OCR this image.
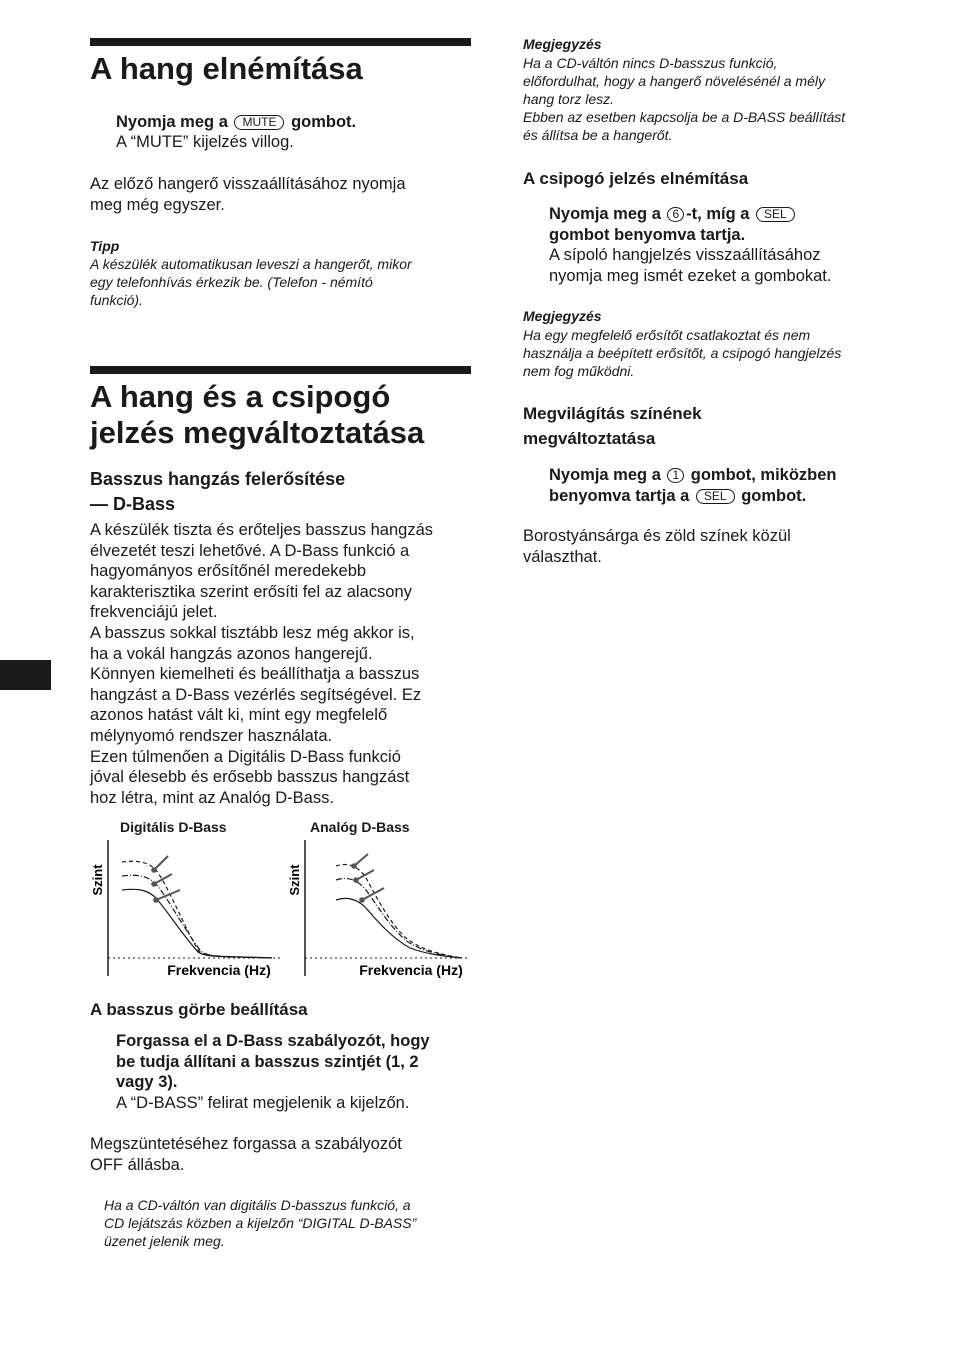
A hang elnémítása
Nyomja meg a MUTE gombot.
A “MUTE” kijelzés villog.
Az előző hangerő visszaállításához nyomja
meg még egyszer.
Tipp
A készülék automatikusan leveszi a hangerőt, mikor
egy telefonhívás érkezik be. (Telefon - némító
funkció).
A hang és a csipogó
jelzés megváltoztatása
Basszus hangzás felerősítése
— D-Bass
A készülék tiszta és erőteljes basszus hangzás
élvezetét teszi lehetővé. A D-Bass funkció a
hagyományos erősítőnél meredekebb
karakterisztika szerint erősíti fel az alacsony
frekvenciájú jelet.
A basszus sokkal tisztább lesz még akkor is,
ha a vokál hangzás azonos hangerejű.
Könnyen kiemelheti és beállíthatja a basszus
hangzást a D-Bass vezérlés segítségével. Ez
azonos hatást vált ki, mint egy megfelelő
mélynyomó rendszer használata.
Ezen túlmenően a Digitális D-Bass funkció
jóval élesebb és erősebb basszus hangzást
hoz létra, mint az Analóg D-Bass.
Digitális D-Bass	Analóg D-Bass
Szint
Frekvencia (Hz)
Szint
Frekvencia (Hz)
A basszus görbe beállítása
Forgassa el a D-Bass szabályozót, hogy
be tudja állítani a basszus szintjét (1, 2
vagy 3).
A “D-BASS” felirat megjelenik a kijelzőn.
Megszüntetéséhez forgassa a szabályozót
OFF állásba.
Ha a CD-váltón van digitális D-basszus funkció, a
CD lejátszás közben a kijelzőn “DIGITAL D-BASS”
üzenet jelenik meg.
Megjegyzés
Ha a CD-váltón nincs D-basszus funkció,
előfordulhat, hogy a hangerő növelésénél a mély
hang torz lesz.
Ebben az esetben kapcsolja be a D-BASS beállítást
és állítsa be a hangerőt.
A csipogó jelzés elnémítása
Nyomja meg a 6 -t, míg a SEL
gombot benyomva tartja.
A sípoló hangjelzés visszaállításához
nyomja meg ismét ezeket a gombokat.
Megjegyzés
Ha egy megfelelő erősítőt csatlakoztat és nem
használja a beépített erősítőt, a csipogó hangjelzés
nem fog működni.
Megvilágítás színének
megváltoztatása
Nyomja meg a 1 gombot, miközben
benyomva tartja a SEL gombot.
Borostyánsárga és zöld színek közül
választhat.
